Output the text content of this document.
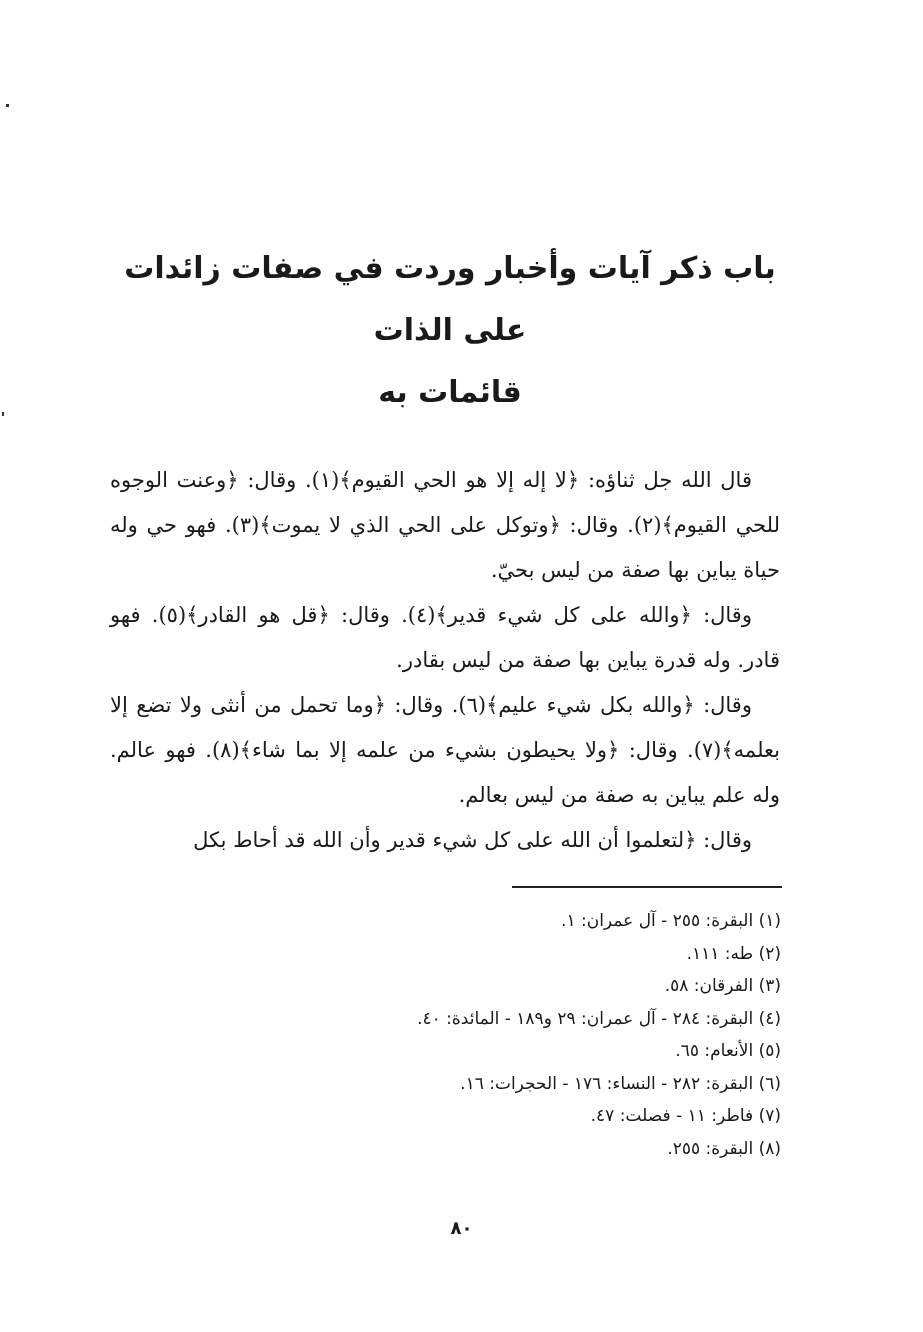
باب ذكر آيات وأخبار وردت في صفات زائدات على الذات
قائمات به

قال الله جل ثناؤه: ﴿لا إله إلا هو الحي القيوم﴾(١). وقال: ﴿وعنت الوجوه للحي القيوم﴾(٢). وقال: ﴿وتوكل على الحي الذي لا يموت﴾(٣). فهو حي وله حياة يباين بها صفة من ليس بحيّ.

وقال: ﴿والله على كل شيء قدير﴾(٤). وقال: ﴿قل هو القادر﴾(٥). فهو قادر. وله قدرة يباين بها صفة من ليس بقادر.

وقال: ﴿والله بكل شيء عليم﴾(٦). وقال: ﴿وما تحمل من أنثى ولا تضع إلا بعلمه﴾(٧). وقال: ﴿ولا يحيطون بشيء من علمه إلا بما شاء﴾(٨). فهو عالم. وله علم يباين به صفة من ليس بعالم.

وقال: ﴿لتعلموا أن الله على كل شيء قدير وأن الله قد أحاط بكل

(١) البقرة: ٢٥٥ - آل عمران: ١.
(٢) طه: ١١١.
(٣) الفرقان: ٥٨.
(٤) البقرة: ٢٨٤ - آل عمران: ٢٩ و١٨٩ - المائدة: ٤٠.
(٥) الأنعام: ٦٥.
(٦) البقرة: ٢٨٢ - النساء: ١٧٦ - الحجرات: ١٦.
(٧) فاطر: ١١ - فصلت: ٤٧.
(٨) البقرة: ٢٥٥.
٨٠
